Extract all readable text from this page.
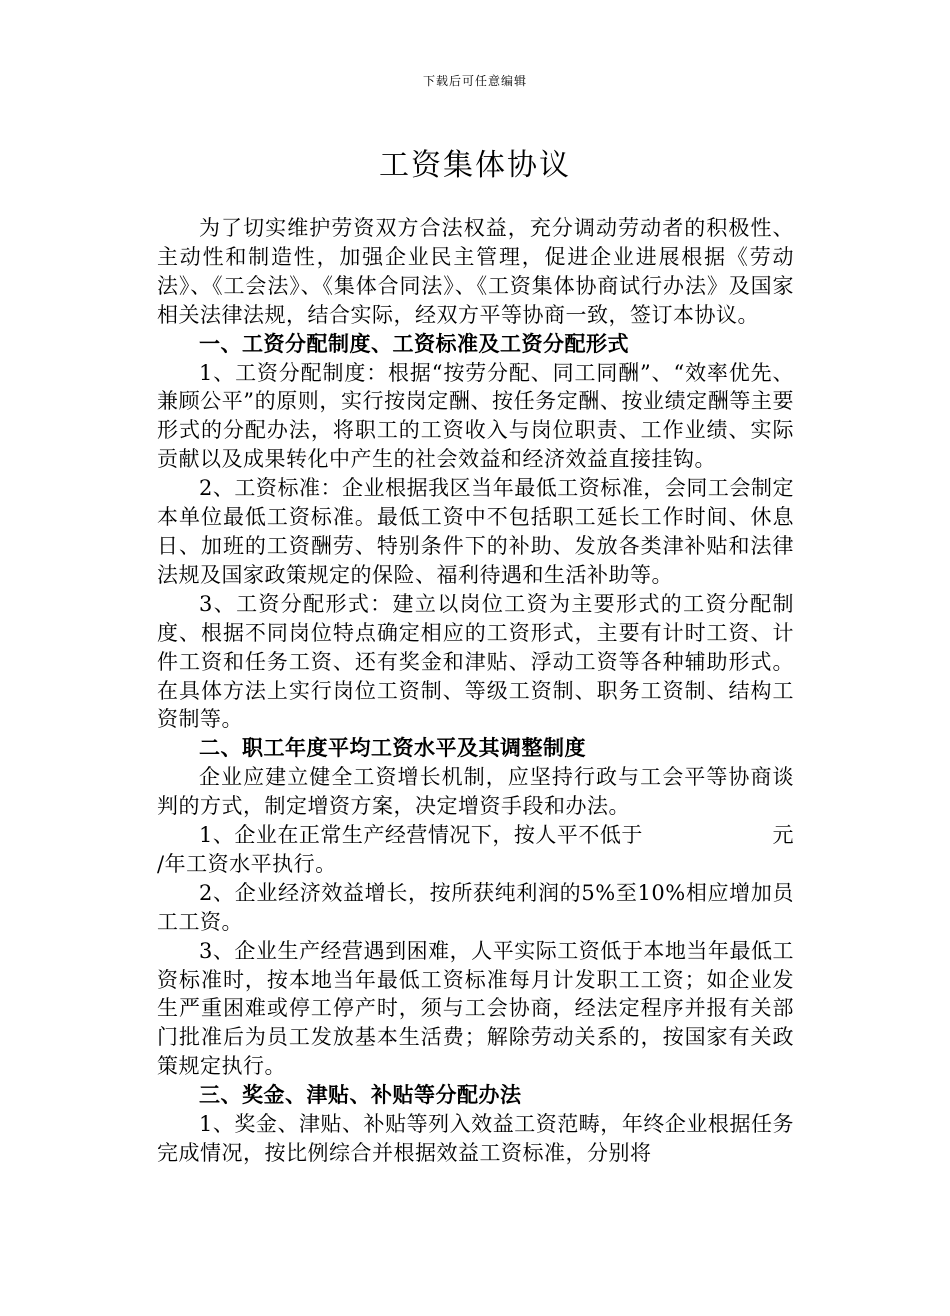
下载后可任意编辑
工资集体协议

为了切实维护劳资双方合法权益，充分调动劳动者的积极性、主动性和制造性，加强企业民主管理，促进企业进展根据《劳动法》、《工会法》、《集体合同法》、《工资集体协商试行办法》及国家相关法律法规，结合实际，经双方平等协商一致，签订本协议。

一、工资分配制度、工资标准及工资分配形式

1、工资分配制度：根据“按劳分配、同工同酬”、“效率优先、兼顾公平”的原则，实行按岗定酬、按任务定酬、按业绩定酬等主要形式的分配办法，将职工的工资收入与岗位职责、工作业绩、实际贡献以及成果转化中产生的社会效益和经济效益直接挂钩。

2、工资标准：企业根据我区当年最低工资标准，会同工会制定本单位最低工资标准。最低工资中不包括职工延长工作时间、休息日、加班的工资酬劳、特别条件下的补助、发放各类津补贴和法律法规及国家政策规定的保险、福利待遇和生活补助等。

3、工资分配形式：建立以岗位工资为主要形式的工资分配制度、根据不同岗位特点确定相应的工资形式，主要有计时工资、计件工资和任务工资、还有奖金和津贴、浮动工资等各种辅助形式。在具体方法上实行岗位工资制、等级工资制、职务工资制、结构工资制等。

二、职工年度平均工资水平及其调整制度

企业应建立健全工资增长机制，应坚持行政与工会平等协商谈判的方式，制定增资方案，决定增资手段和办法。

1、企业在正常生产经营情况下，按人平不低于	元

/年工资水平执行。

2、企业经济效益增长，按所获纯利润的5%至10%相应增加员工工资。

3、企业生产经营遇到困难，人平实际工资低于本地当年最低工资标准时，按本地当年最低工资标准每月计发职工工资；如企业发生严重困难或停工停产时，须与工会协商，经法定程序并报有关部门批准后为员工发放基本生活费；解除劳动关系的，按国家有关政策规定执行。

三、奖金、津贴、补贴等分配办法

1、奖金、津贴、补贴等列入效益工资范畴，年终企业根据任务完成情况，按比例综合并根据效益工资标准，分别将
